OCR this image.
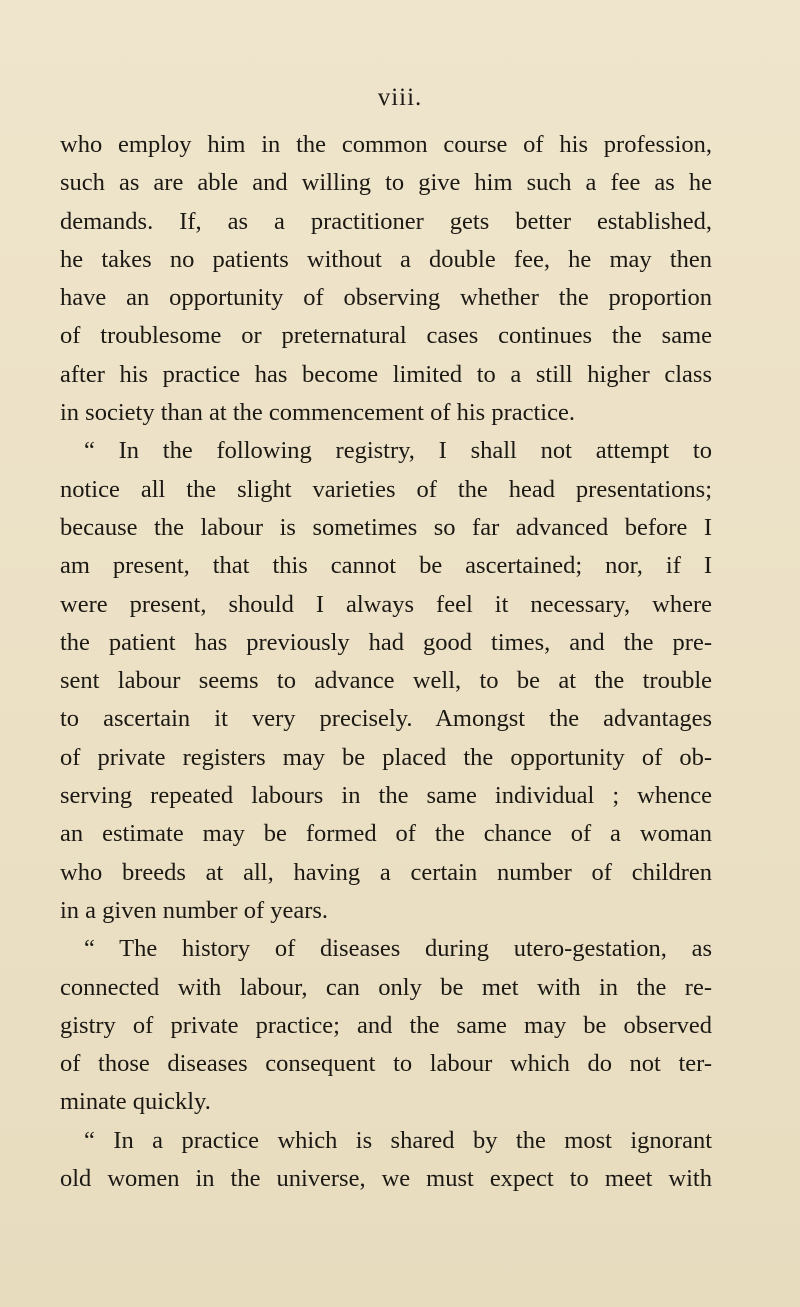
viii.
who employ him in the common course of his profession,
such as are able and willing to give him such a fee as he
demands. If, as a practitioner gets better established,
he takes no patients without a double fee, he may then
have an opportunity of observing whether the proportion
of troublesome or preternatural cases continues the same
after his practice has become limited to a still higher class
in society than at the commencement of his practice.
“ In the following registry, I shall not attempt to
notice all the slight varieties of the head presentations;
because the labour is sometimes so far advanced before I
am present, that this cannot be ascertained; nor, if I
were present, should I always feel it necessary, where
the patient has previously had good times, and the pre-
sent labour seems to advance well, to be at the trouble
to ascertain it very precisely. Amongst the advantages
of private registers may be placed the opportunity of ob-
serving repeated labours in the same individual ; whence
an estimate may be formed of the chance of a woman
who breeds at all, having a certain number of children
in a given number of years.
“ The history of diseases during utero-gestation, as
connected with labour, can only be met with in the re-
gistry of private practice; and the same may be observed
of those diseases consequent to labour which do not ter-
minate quickly.
“ In a practice which is shared by the most ignorant
old women in the universe, we must expect to meet with
